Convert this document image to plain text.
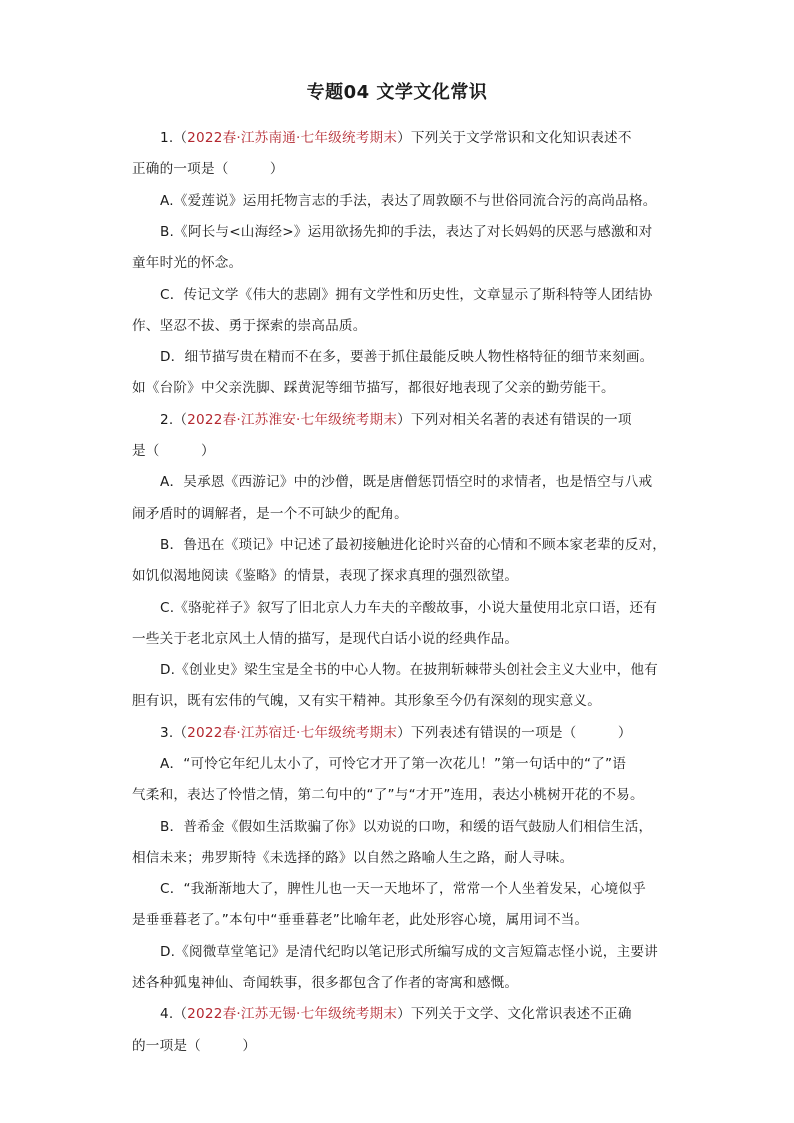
专题04 文学文化常识
1.（2022春·江苏南通·七年级统考期末）下列关于文学常识和文化知识表述不
正确的一项是（　　　）
A.《爱莲说》运用托物言志的手法，表达了周敦颐不与世俗同流合污的高尚品格。
B.《阿长与<山海经>》运用欲扬先抑的手法，表达了对长妈妈的厌恶与感激和对
童年时光的怀念。
C．传记文学《伟大的悲剧》拥有文学性和历史性，文章显示了斯科特等人团结协
作、坚忍不拔、勇于探索的崇高品质。
D．细节描写贵在精而不在多，要善于抓住最能反映人物性格特征的细节来刻画。
如《台阶》中父亲洗脚、踩黄泥等细节描写，都很好地表现了父亲的勤劳能干。
2.（2022春·江苏淮安·七年级统考期末）下列对相关名著的表述有错误的一项
是（　　　）
A．吴承恩《西游记》中的沙僧，既是唐僧惩罚悟空时的求情者，也是悟空与八戒
闹矛盾时的调解者，是一个不可缺少的配角。
B．鲁迅在《琐记》中记述了最初接触进化论时兴奋的心情和不顾本家老辈的反对，
如饥似渴地阅读《鉴略》的情景，表现了探求真理的强烈欲望。
C.《骆驼祥子》叙写了旧北京人力车夫的辛酸故事，小说大量使用北京口语，还有
一些关于老北京风土人情的描写，是现代白话小说的经典作品。
D.《创业史》梁生宝是全书的中心人物。在披荆斩棘带头创社会主义大业中，他有
胆有识，既有宏伟的气魄，又有实干精神。其形象至今仍有深刻的现实意义。
3.（2022春·江苏宿迁·七年级统考期末）下列表述有错误的一项是（　　　）
A．“可怜它年纪儿太小了，可怜它才开了第一次花儿！”第一句话中的“了”语
气柔和，表达了怜惜之情，第二句中的“了”与“才开”连用，表达小桃树开花的不易。
B．普希金《假如生活欺骗了你》以劝说的口吻，和缓的语气鼓励人们相信生活，
相信未来；弗罗斯特《未选择的路》以自然之路喻人生之路，耐人寻味。
C．“我渐渐地大了，脾性儿也一天一天地坏了，常常一个人坐着发呆，心境似乎
是垂垂暮老了。”本句中“垂垂暮老”比喻年老，此处形容心境，属用词不当。
D.《阅微草堂笔记》是清代纪昀以笔记形式所编写成的文言短篇志怪小说，主要讲
述各种狐鬼神仙、奇闻轶事，很多都包含了作者的寄寓和感慨。
4.（2022春·江苏无锡·七年级统考期末）下列关于文学、文化常识表述不正确
的一项是（　　　）
